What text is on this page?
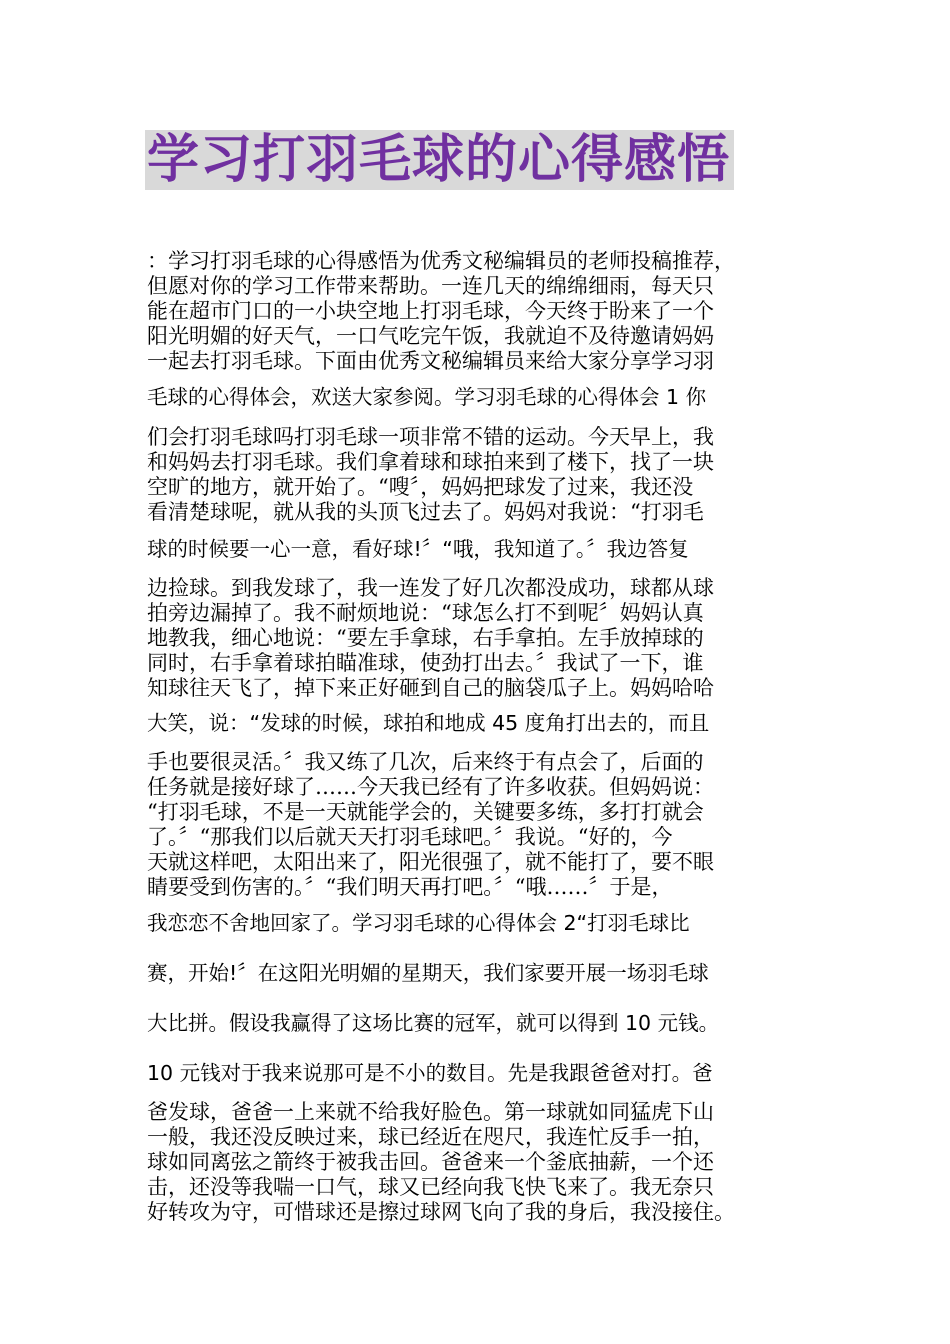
学习打羽毛球的心得感悟
：学习打羽毛球的心得感悟为优秀文秘编辑员的老师投稿推荐，
但愿对你的学习工作带来帮助。一连几天的绵绵细雨，每天只
能在超市门口的一小块空地上打羽毛球，今天终于盼来了一个
阳光明媚的好天气，一口气吃完午饭，我就迫不及待邀请妈妈
一起去打羽毛球。下面由优秀文秘编辑员来给大家分享学习羽
毛球的心得体会，欢送大家参阅。学习羽毛球的心得体会 1 你
们会打羽毛球吗打羽毛球一项非常不错的运动。今天早上，我
和妈妈去打羽毛球。我们拿着球和球拍来到了楼下，找了一块
空旷的地方，就开始了。“嗖〞，妈妈把球发了过来，我还没
看清楚球呢，就从我的头顶飞过去了。妈妈对我说：“打羽毛
球的时候要一心一意，看好球!〞“哦，我知道了。〞我边答复
边捡球。到我发球了，我一连发了好几次都没成功，球都从球
拍旁边漏掉了。我不耐烦地说：“球怎么打不到呢〞妈妈认真
地教我，细心地说：“要左手拿球，右手拿拍。左手放掉球的
同时，右手拿着球拍瞄准球，使劲打出去。〞我试了一下，谁
知球往天飞了，掉下来正好砸到自己的脑袋瓜子上。妈妈哈哈
大笑，说：“发球的时候，球拍和地成 45 度角打出去的，而且
手也要很灵活。〞我又练了几次，后来终于有点会了，后面的
任务就是接好球了……今天我已经有了许多收获。但妈妈说：
“打羽毛球，不是一天就能学会的，关键要多练，多打打就会
了。〞“那我们以后就天天打羽毛球吧。〞我说。“好的，今
天就这样吧，太阳出来了，阳光很强了，就不能打了，要不眼
睛要受到伤害的。〞“我们明天再打吧。〞“哦……〞于是，
我恋恋不舍地回家了。学习羽毛球的心得体会 2“打羽毛球比
赛，开始!〞在这阳光明媚的星期天，我们家要开展一场羽毛球
大比拼。假设我赢得了这场比赛的冠军，就可以得到 10 元钱。
10 元钱对于我来说那可是不小的数目。先是我跟爸爸对打。爸
爸发球，爸爸一上来就不给我好脸色。第一球就如同猛虎下山
一般，我还没反映过来，球已经近在咫尺，我连忙反手一拍，
球如同离弦之箭终于被我击回。爸爸来一个釜底抽薪，一个还
击，还没等我喘一口气，球又已经向我飞快飞来了。我无奈只
好转攻为守，可惜球还是擦过球网飞向了我的身后，我没接住。
